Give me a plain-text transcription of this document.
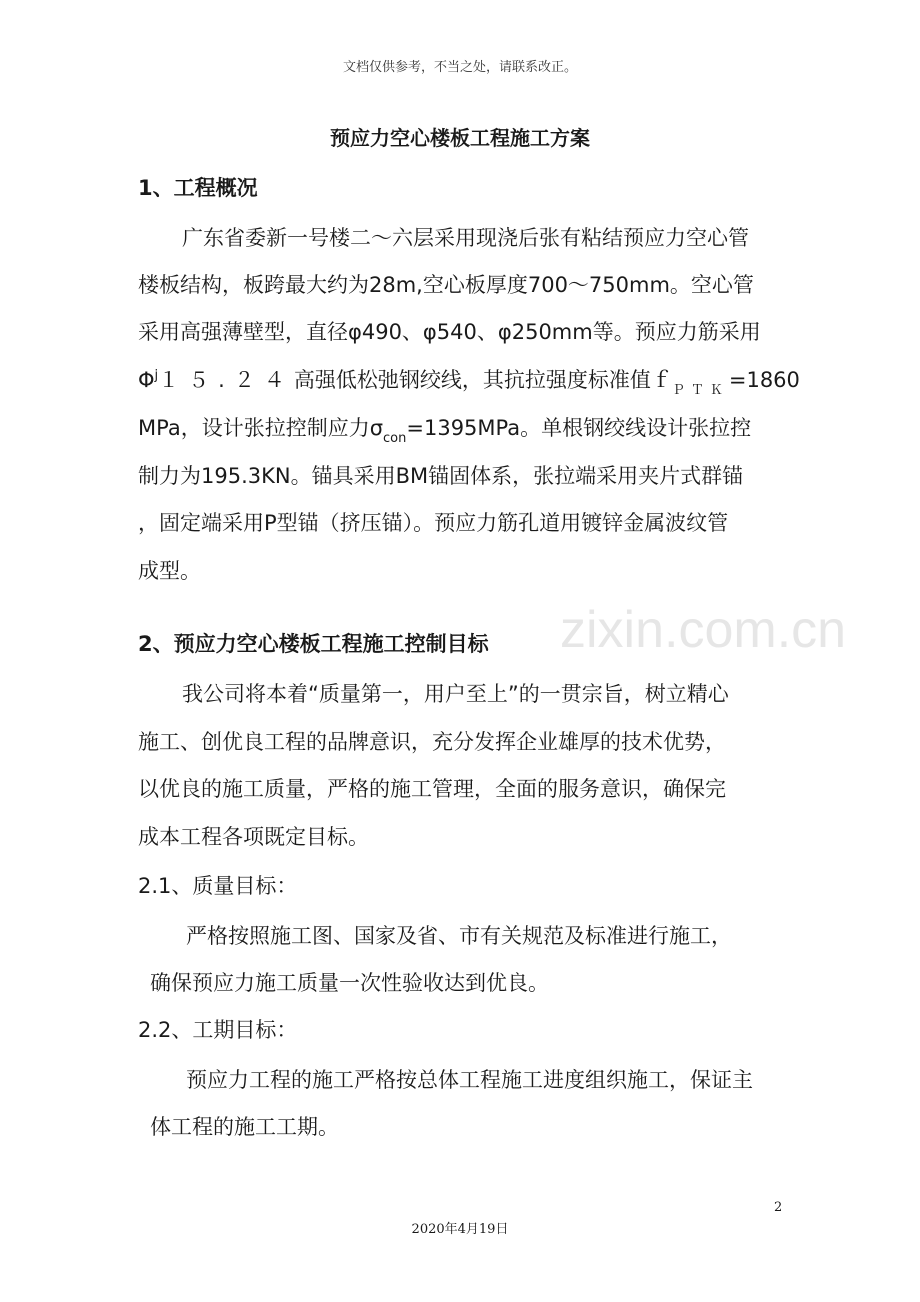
文档仅供参考，不当之处，请联系改正。
预应力空心楼板工程施工方案
1、工程概况
广东省委新一号楼二～六层采用现浇后张有粘结预应力空心管
楼板结构，板跨最大约为28m,空心板厚度700～750mm。空心管
采用高强薄壁型，直径φ490、φ540、φ250mm等。预应力筋采用
$\Phi^j15.24$高强低松弛钢绞线，其抗拉强度标准值ｆ$_{PTK}$=1860
MPa，设计张拉控制应力$\sigma_{con}=1395MPa$。单根钢绞线设计张拉控
制力为195.3KN。锚具采用BM锚固体系，张拉端采用夹片式群锚
，固定端采用P型锚（挤压锚）。预应力筋孔道用镀锌金属波纹管
成型。
zixin.com.cn
2、预应力空心楼板工程施工控制目标
我公司将本着“质量第一，用户至上”的一贯宗旨，树立精心
施工、创优良工程的品牌意识，充分发挥企业雄厚的技术优势，
以优良的施工质量，严格的施工管理，全面的服务意识，确保完
成本工程各项既定目标。
2.1、质量目标：
严格按照施工图、国家及省、市有关规范及标准进行施工，
确保预应力施工质量一次性验收达到优良。
2.2、工期目标：
预应力工程的施工严格按总体工程施工进度组织施工，保证主
体工程的施工工期。
2
2020年4月19日
